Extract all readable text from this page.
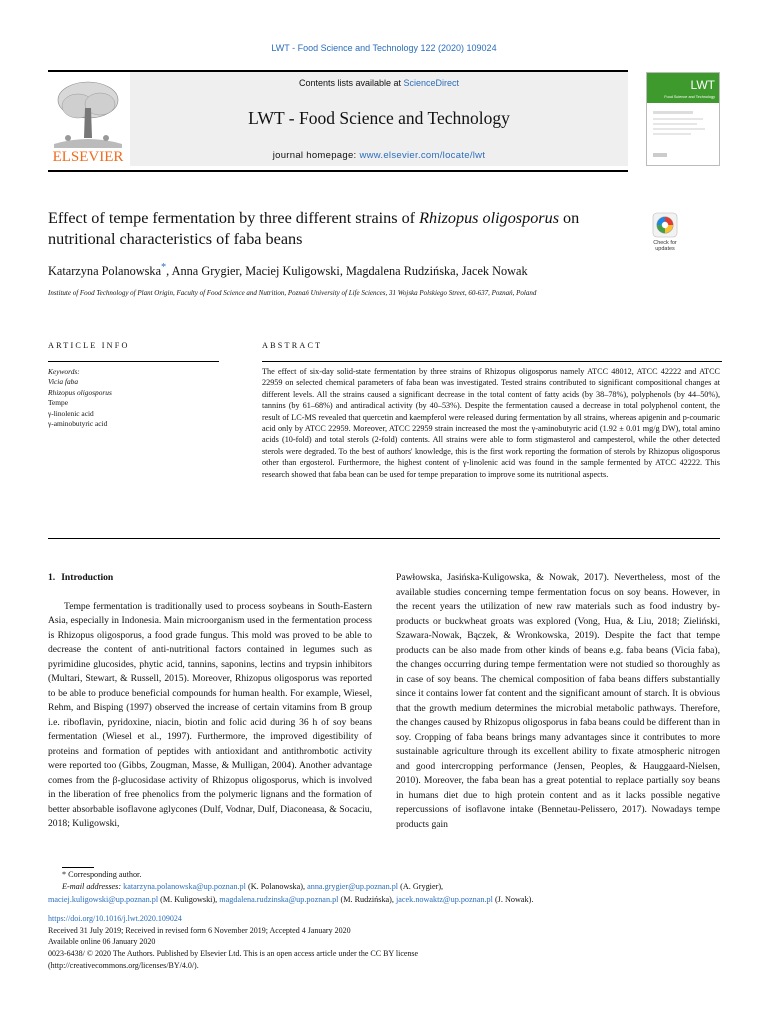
LWT - Food Science and Technology 122 (2020) 109024
ELSEVIER
Contents lists available at ScienceDirect
LWT - Food Science and Technology
journal homepage: www.elsevier.com/locate/lwt
LWT
Food Science and Technology
Effect of tempe fermentation by three different strains of Rhizopus oligosporus on nutritional characteristics of faba beans	Check for updates
Katarzyna Polanowska*, Anna Grygier, Maciej Kuligowski, Magdalena Rudzińska, Jacek Nowak
Institute of Food Technology of Plant Origin, Faculty of Food Science and Nutrition, Poznań University of Life Sciences, 31 Wojska Polskiego Street, 60-637, Poznań, Poland
ARTICLE INFO	ABSTRACT
Keywords:
Vicia faba
Rhizopus oligosporus
Tempe
γ-linolenic acid
γ-aminobutyric acid
The effect of six-day solid-state fermentation by three strains of Rhizopus oligosporus namely ATCC 48012, ATCC 42222 and ATCC 22959 on selected chemical parameters of faba bean was investigated. Tested strains contributed to significant compositional changes at different levels. All the strains caused a significant decrease in the total content of fatty acids (by 38–78%), polyphenols (by 44–50%), tannins (by 61–68%) and antiradical activity (by 40–53%). Despite the fermentation caused a decrease in total polyphenol content, the result of LC-MS revealed that quercetin and kaempferol were released during fermentation by all strains, whereas apigenin and p-coumaric acid only by ATCC 22959. Moreover, ATCC 22959 strain increased the most the γ-aminobutyric acid (1.92 ± 0.01 mg/g DW), total amino acids (10-fold) and total sterols (2-fold) contents. All strains were able to form stigmasterol and campesterol, while the other detected sterols were degraded. To the best of authors' knowledge, this is the first work reporting the formation of sterols by Rhizopus oligosporus other than ergosterol. Furthermore, the highest content of γ-linolenic acid was found in the sample fermented by ATCC 42222. This research showed that faba bean can be used for tempe preparation to improve some its nutritional aspects.
1. Introduction

Tempe fermentation is traditionally used to process soybeans in South-Eastern Asia, especially in Indonesia. Main microorganism used in the fermentation process is Rhizopus oligosporus, a food grade fungus. This mold was proved to be able to decrease the content of anti-nutritional factors contained in legumes such as pyrimidine glucosides, phytic acid, tannins, saponins, lectins and trypsin inhibitors (Multari, Stewart, & Russell, 2015). Moreover, Rhizopus oligosporus was reported to be able to produce beneficial compounds for human health. For example, Wiesel, Rehm, and Bisping (1997) observed the increase of certain vitamins from B group i.e. riboflavin, pyridoxine, niacin, biotin and folic acid during 36 h of soy beans fermentation (Wiesel et al., 1997). Furthermore, the improved digestibility of proteins and formation of peptides with antioxidant and antithrombotic activity were reported too (Gibbs, Zougman, Masse, & Mulligan, 2004). Another advantage comes from the β-glucosidase activity of Rhizopus oligosporus, which is involved in the liberation of free phenolics from the polymeric lignans and the formation of better absorbable isoflavone aglycones (Dulf, Vodnar, Dulf, Diaconeasa, & Socaciu, 2018; Kuligowski,

Pawłowska, Jasińska-Kuligowska, & Nowak, 2017). Nevertheless, most of the available studies concerning tempe fermentation focus on soy beans. However, in the recent years the utilization of new raw materials such as food industry by-products or buckwheat groats was explored (Vong, Hua, & Liu, 2018; Zieliński, Szawara-Nowak, Bączek, & Wronkowska, 2019). Despite the fact that tempe products can be also made from other kinds of beans e.g. faba beans (Vicia faba), the changes occurring during tempe fermentation were not studied so thoroughly as in case of soy beans. The chemical composition of faba beans differs substantially since it contains lower fat content and the significant amount of starch. It is obvious that the growth medium determines the microbial metabolic pathways. Therefore, the changes caused by Rhizopus oligosporus in faba beans could be different than in soy. Cropping of faba beans brings many advantages since it contributes to more sustainable agriculture through its excellent ability to fixate atmospheric nitrogen and good intercropping performance (Jensen, Peoples, & Hauggaard-Nielsen, 2010). Moreover, the faba bean has a great potential to replace partially soy beans in humans diet due to high protein content and as it lacks possible negative repercussions of isoflavone intake (Bennetau-Pelissero, 2017). Nowadays tempe products gain

* Corresponding author.
E-mail addresses: katarzyna.polanowska@up.poznan.pl (K. Polanowska), anna.grygier@up.poznan.pl (A. Grygier),
maciej.kuligowski@up.poznan.pl (M. Kuligowski), magdalena.rudzinska@up.poznan.pl (M. Rudzińska), jacek.nowaktz@up.poznan.pl (J. Nowak).
https://doi.org/10.1016/j.lwt.2020.109024
Received 31 July 2019; Received in revised form 6 November 2019; Accepted 4 January 2020
Available online 06 January 2020
0023-6438/ © 2020 The Authors. Published by Elsevier Ltd. This is an open access article under the CC BY license
(http://creativecommons.org/licenses/BY/4.0/).
